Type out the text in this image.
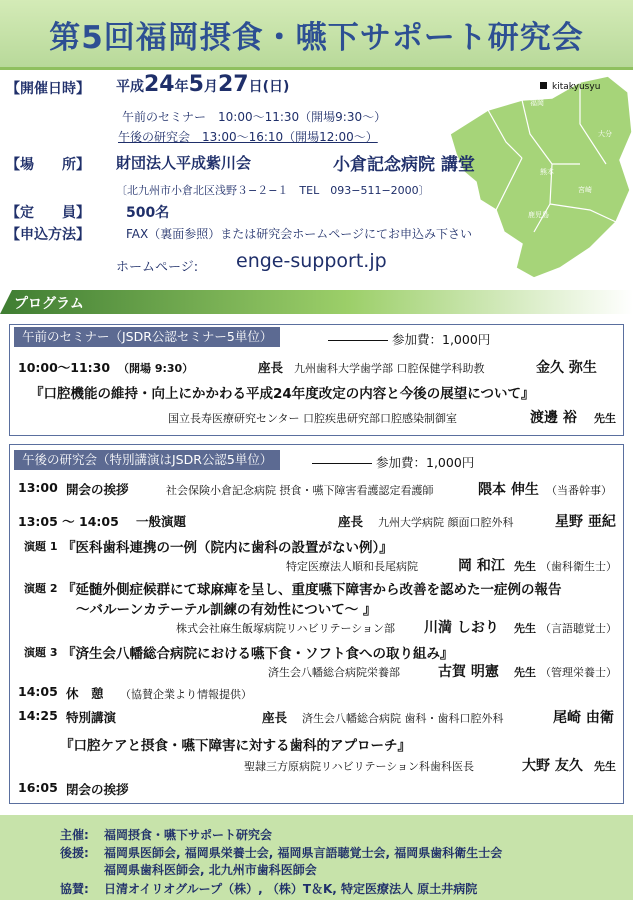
第5回福岡摂食・嚥下サポート研究会
kitakyusyu
佐賀	福岡
大分
熊本
宮崎
鹿児島
【開催日時】 平成24年5月27日(日)
午前のセミナー　10:00〜11:30（開場9:30〜）
午後の研究会　13:00〜16:10（開場12:00〜）
【場　　所】 財団法人平成紫川会	小倉記念病院 講堂
〔北九州市小倉北区浅野３−２−１　TEL　093−511−2000〕
【定　　員】	500名
【申込方法】	FAX（裏面参照）または研究会ホームページにてお申込み下さい
ホームページ: enge-support.jp
プログラム
午前のセミナー（JSDR公認セミナー5単位）	参加費：1,000円
10:00〜11:30 （開場 9:30）	座長 九州歯科大学歯学部 口腔保健学科助教	金久 弥生
『口腔機能の維持・向上にかかわる平成24年度改定の内容と今後の展望について』
国立長寿医療研究センター 口腔疾患研究部口腔感染制御室	渡邊 裕 先生
午後の研究会（特別講演はJSDR公認5単位）	参加費：1,000円
13:00 開会の挨拶	社会保険小倉記念病院 摂食・嚥下障害看護認定看護師	隈本 伸生 （当番幹事）
13:05 〜 14:05 一般演題	座長 九州大学病院 顔面口腔外科	星野 亜紀
演題 1 『医科歯科連携の一例（院内に歯科の設置がない例）』
特定医療法人順和長尾病院	岡 和江 先生 （歯科衛生士）
演題 2 『延髄外側症候群にて球麻痺を呈し、重度嚥下障害から改善を認めた一症例の報告
〜バルーンカテーテル訓練の有効性について〜 』
株式会社麻生飯塚病院リハビリテーション部 川満 しおり 先生 （言語聴覚士）
演題 3 『済生会八幡総合病院における嚥下食・ソフト食への取り組み』
済生会八幡総合病院栄養部	古賀 明憲 先生 （管理栄養士）
14:05 休　憩 （協賛企業より情報提供）
14:25 特別講演	座長 済生会八幡総合病院 歯科・歯科口腔外科	尾崎 由衛
『口腔ケアと摂食・嚥下障害に対する歯科的アプローチ』
聖隷三方原病院リハビリテーション科歯科医長	大野 友久 先生
16:05 閉会の挨拶
主催: 福岡摂食・嚥下サポート研究会
後援: 福岡県医師会, 福岡県栄養士会, 福岡県言語聴覚士会, 福岡県歯科衛生士会
福岡県歯科医師会, 北九州市歯科医師会
協賛: 日清オイリオグループ（株）, （株）T＆K, 特定医療法人 原土井病院
